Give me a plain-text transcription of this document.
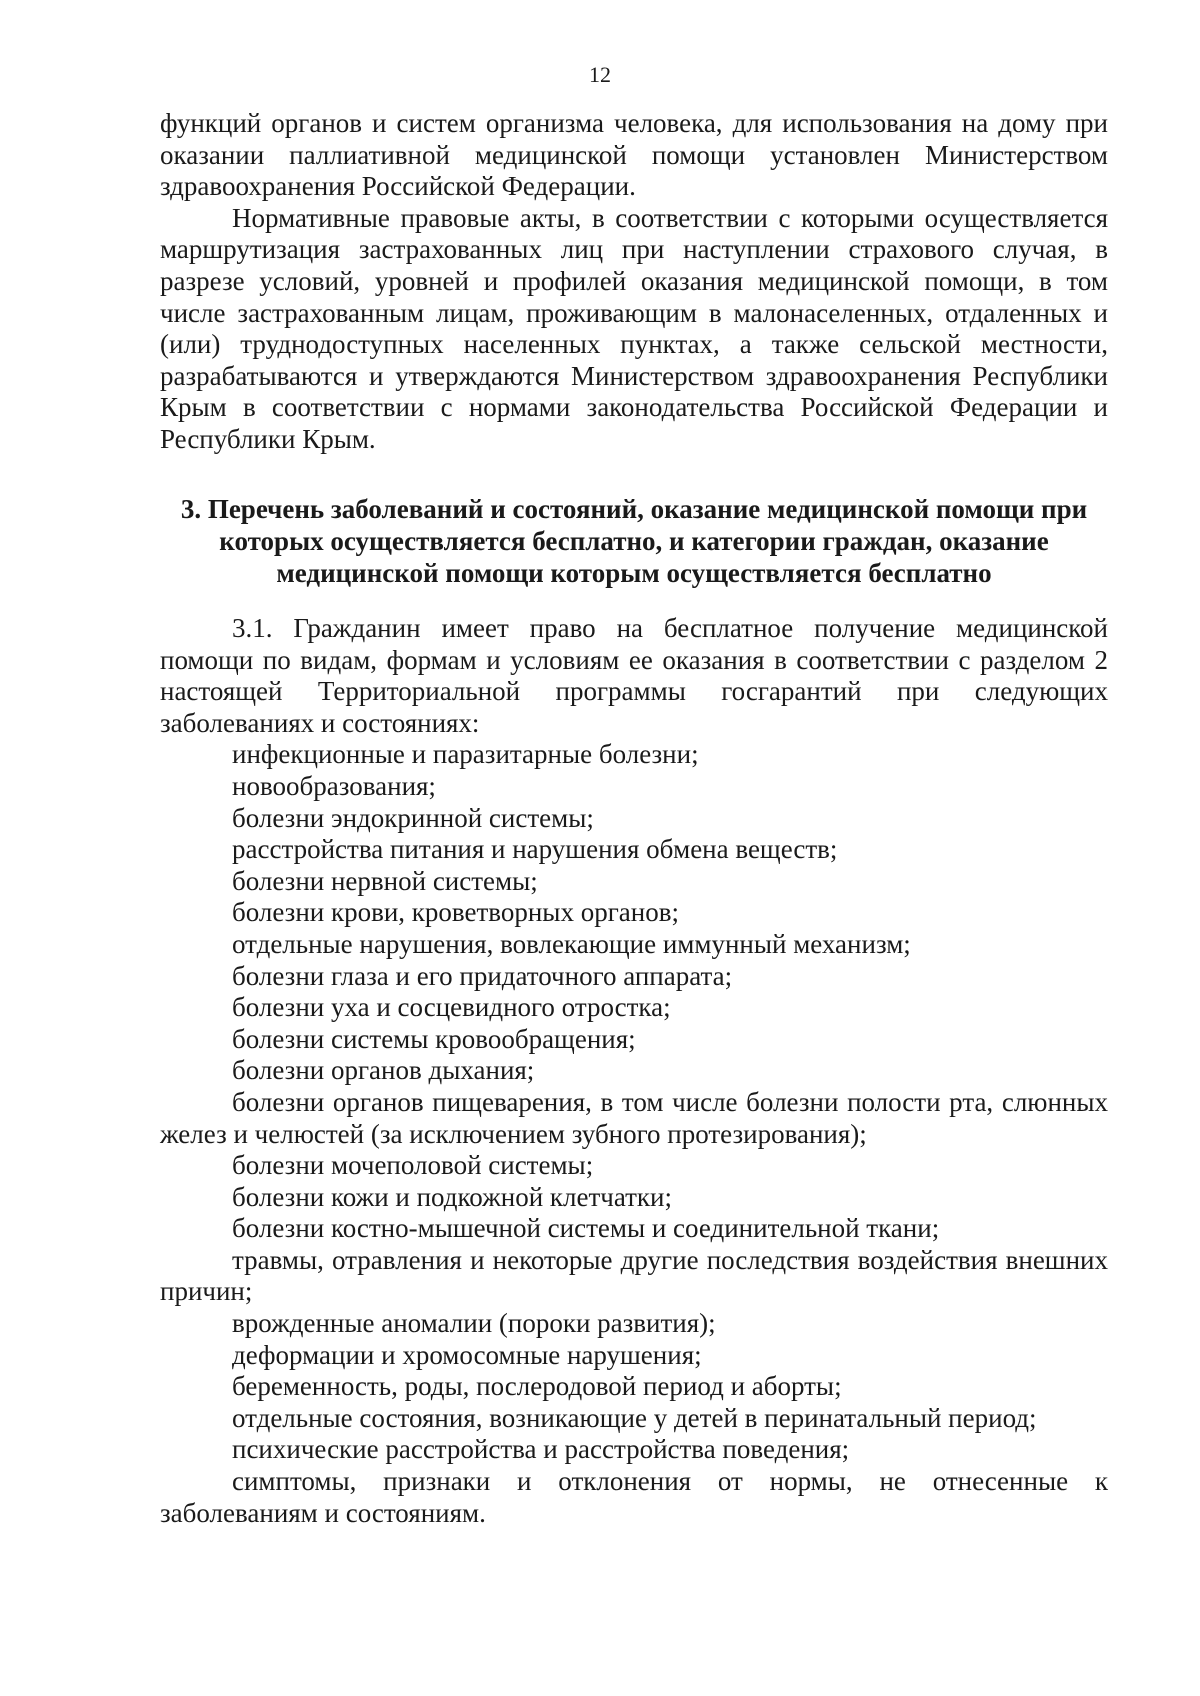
12

функций органов и систем организма человека, для использования на дому при оказании паллиативной медицинской помощи установлен Министерством здравоохранения Российской Федерации.

Нормативные правовые акты, в соответствии с которыми осуществляется маршрутизация застрахованных лиц при наступлении страхового случая, в разрезе условий, уровней и профилей оказания медицинской помощи, в том числе застрахованным лицам, проживающим в малонаселенных, отдаленных и (или) труднодоступных населенных пунктах, а также сельской местности, разрабатываются и утверждаются Министерством здравоохранения Республики Крым в соответствии с нормами законодательства Российской Федерации и Республики Крым.

3. Перечень заболеваний и состояний, оказание медицинской помощи при которых осуществляется бесплатно, и категории граждан, оказание медицинской помощи которым осуществляется бесплатно

3.1. Гражданин имеет право на бесплатное получение медицинской помощи по видам, формам и условиям ее оказания в соответствии с разделом 2 настоящей Территориальной программы госгарантий при следующих заболеваниях и состояниях:

инфекционные и паразитарные болезни;
новообразования;
болезни эндокринной системы;
расстройства питания и нарушения обмена веществ;
болезни нервной системы;
болезни крови, кроветворных органов;
отдельные нарушения, вовлекающие иммунный механизм;
болезни глаза и его придаточного аппарата;
болезни уха и сосцевидного отростка;
болезни системы кровообращения;
болезни органов дыхания;
болезни органов пищеварения, в том числе болезни полости рта, слюнных желез и челюстей (за исключением зубного протезирования);
болезни мочеполовой системы;
болезни кожи и подкожной клетчатки;
болезни костно-мышечной системы и соединительной ткани;
травмы, отравления и некоторые другие последствия воздействия внешних причин;
врожденные аномалии (пороки развития);
деформации и хромосомные нарушения;
беременность, роды, послеродовой период и аборты;
отдельные состояния, возникающие у детей в перинатальный период;
психические расстройства и расстройства поведения;
симптомы, признаки и отклонения от нормы, не отнесенные к заболеваниям и состояниям.
